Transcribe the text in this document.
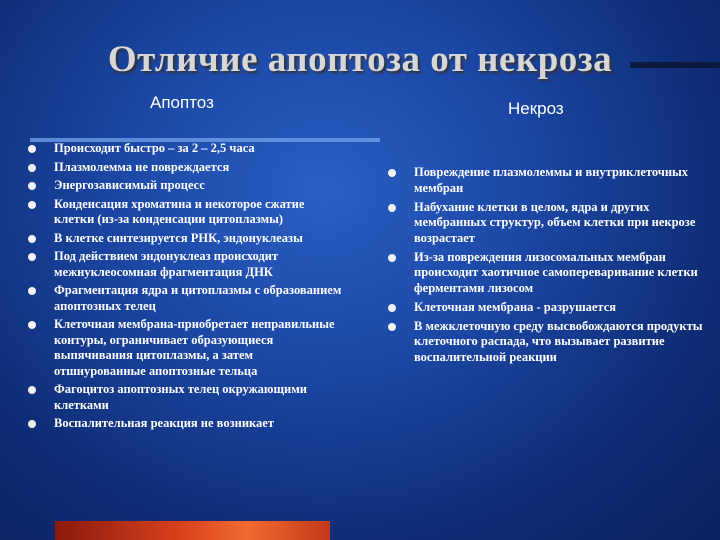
Отличие апоптоза от некроза
Апоптоз	Некроз
Происходит быстро – за 2 – 2,5 часа
Плазмолемма не повреждается
Энергозависимый процесс
Конденсация хроматина и некоторое сжатие клетки (из-за конденсации цитоплазмы)
В клетке синтезируется РНК, эндонуклеазы
Под действием эндонуклеаз происходит межнуклеосомная фрагментация ДНК
Фрагментация ядра и цитоплазмы с образованием апоптозных телец
Клеточная мембрана-приобретает неправильные контуры, ограничивает образующиеся выпячивания цитоплазмы, а затем отшнурованные апоптозные тельца
Фагоцитоз апоптозных телец окружающими клетками
Воспалительная реакция не возникает
Повреждение плазмолеммы и внутриклеточных мембран
Набухание клетки в целом, ядра и других мембранных структур, объем клетки при некрозе возрастает
Из-за повреждения лизосомальных мембран происходит хаотичное самопереваривание клетки ферментами лизосом
Клеточная мембрана - разрушается
В межклеточную среду высвобождаются продукты клеточного распада, что вызывает развитие воспалительной реакции
